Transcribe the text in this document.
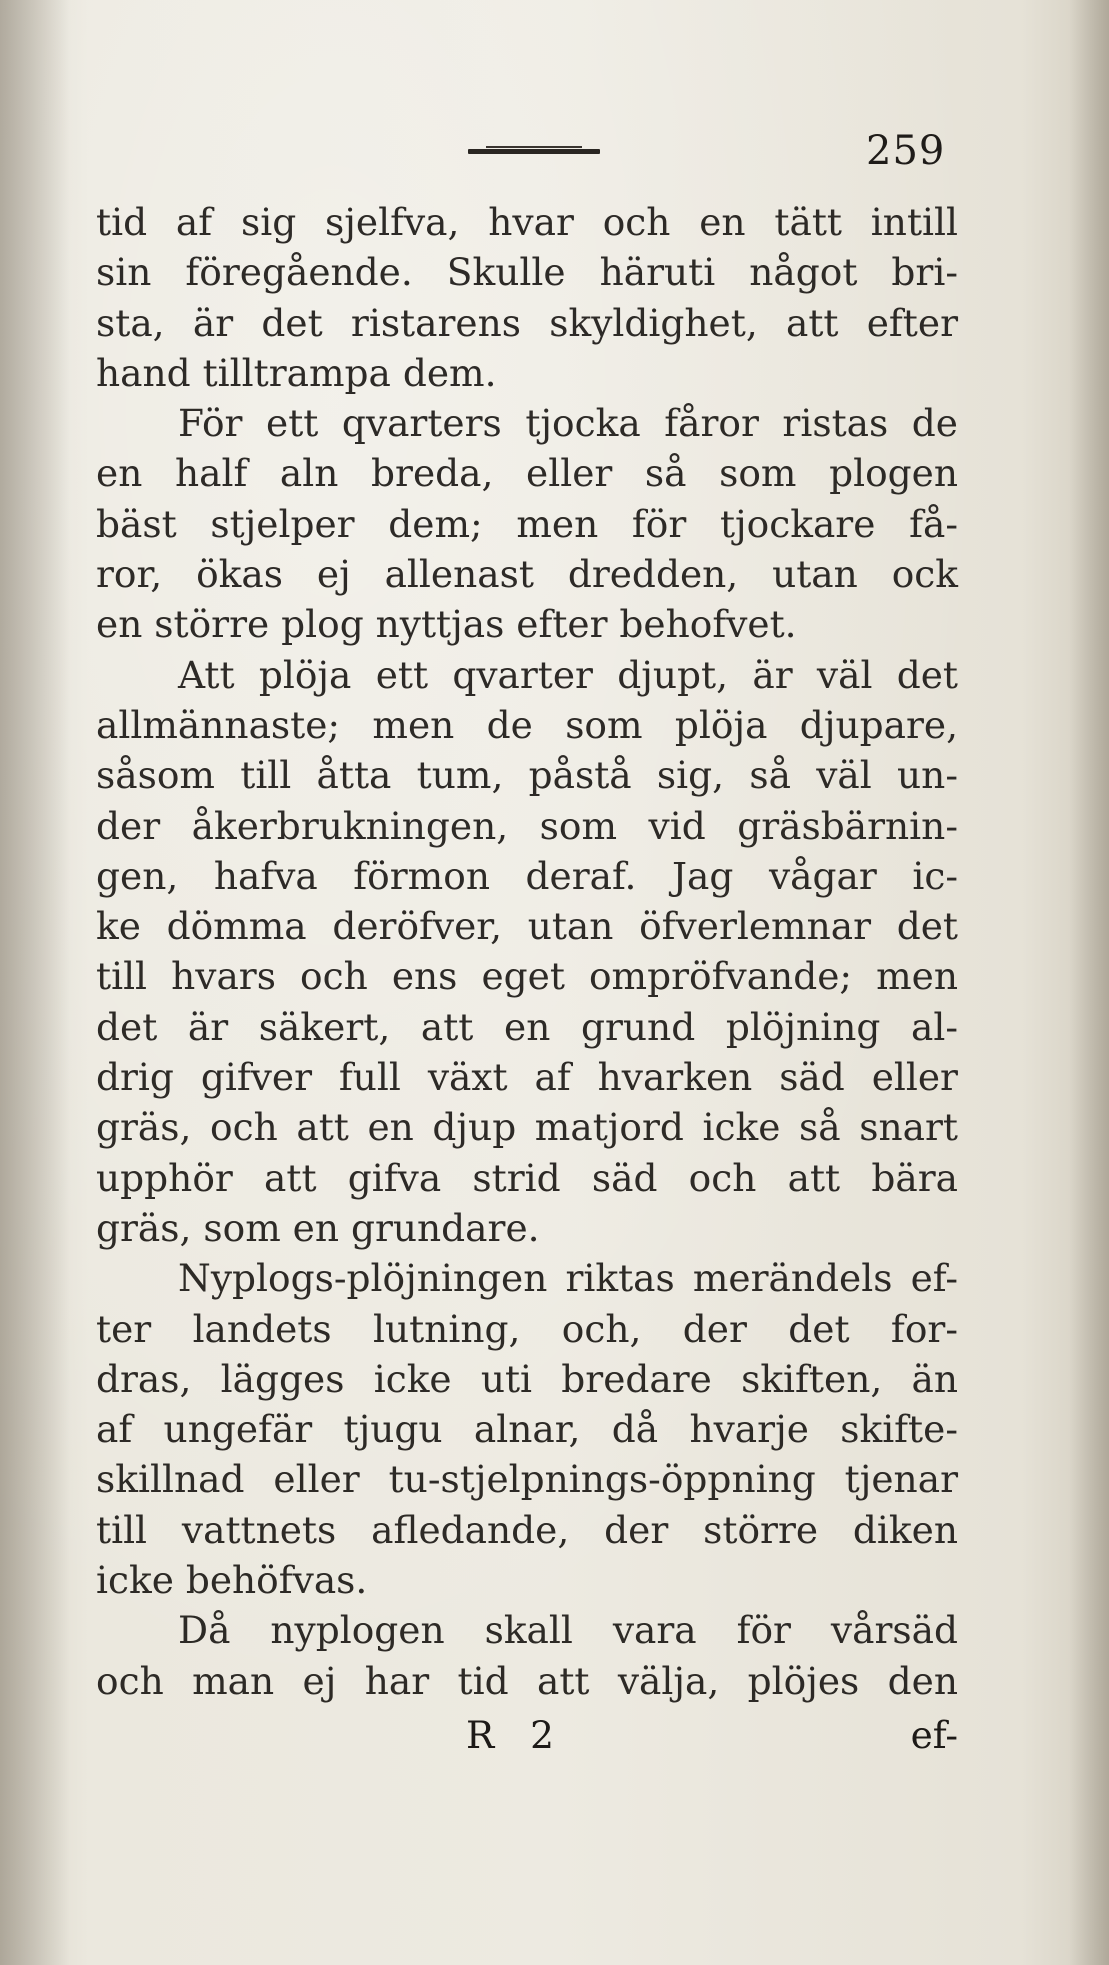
259
tid af sig sjelfva, hvar och en tätt intill
sin föregående. Skulle häruti något bri-
sta, är det ristarens skyldighet, att efter
hand tilltrampa dem.
För ett qvarters tjocka fåror ristas de
en half aln breda, eller så som plogen
bäst stjelper dem; men för tjockare få-
ror, ökas ej allenast dredden, utan ock
en större plog nyttjas efter behofvet.
Att plöja ett qvarter djupt, är väl det
allmännaste; men de som plöja djupare,
såsom till åtta tum, påstå sig, så väl un-
der åkerbrukningen, som vid gräsbärnin-
gen, hafva förmon deraf. Jag vågar ic-
ke dömma deröfver, utan öfverlemnar det
till hvars och ens eget ompröfvande; men
det är säkert, att en grund plöjning al-
drig gifver full växt af hvarken säd eller
gräs, och att en djup matjord icke så snart
upphör att gifva strid säd och att bära
gräs, som en grundare.
Nyplogs-plöjningen riktas merändels ef-
ter landets lutning, och, der det for-
dras, lägges icke uti bredare skiften, än
af ungefär tjugu alnar, då hvarje skifte-
skillnad eller tu-stjelpnings-öppning tjenar
till vattnets afledande, der större diken
icke behöfvas.
Då nyplogen skall vara för vårsäd
och man ej har tid att välja, plöjes den
R 2	ef-
